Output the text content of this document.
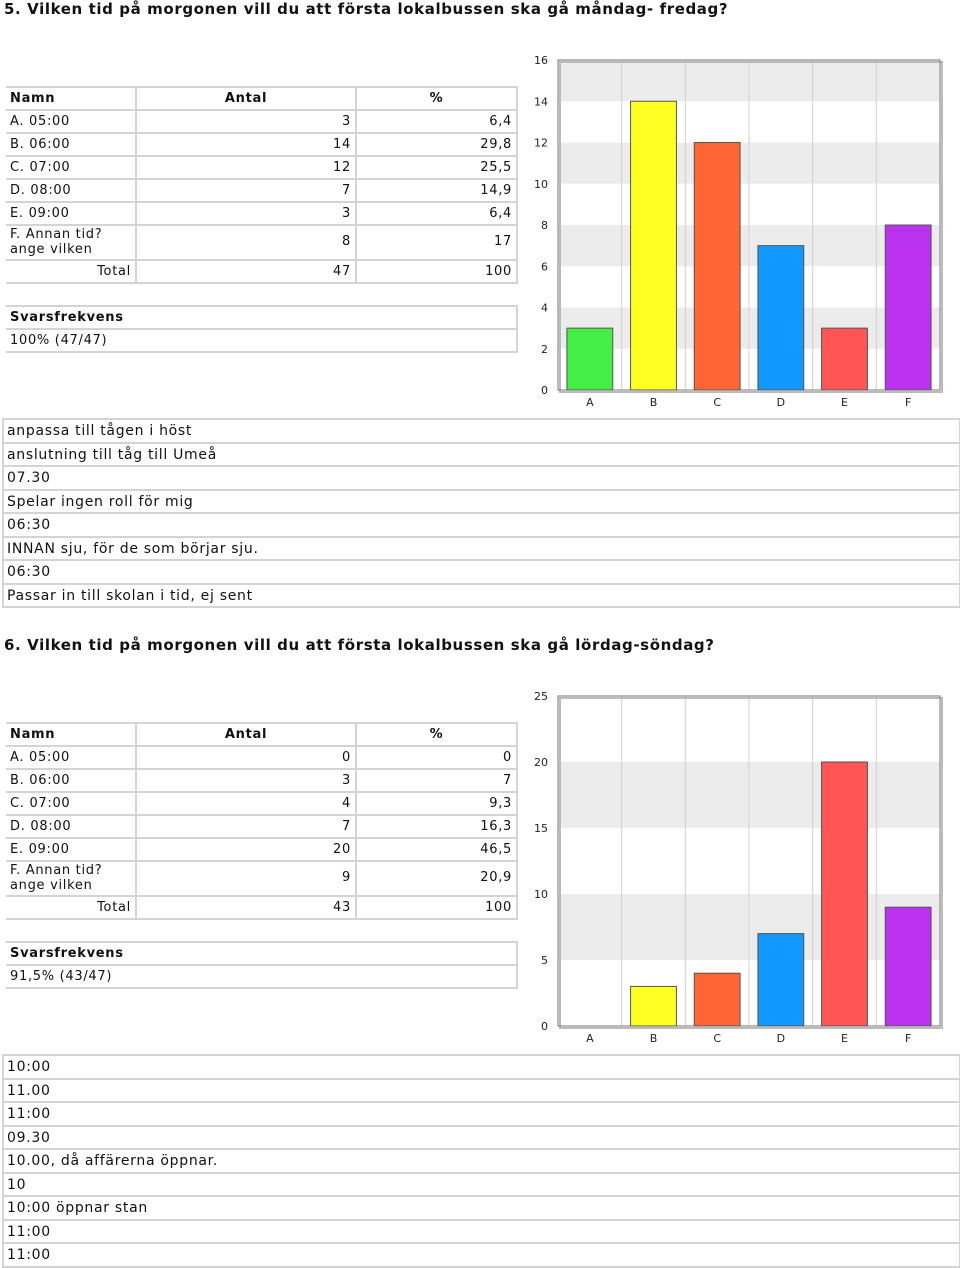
5. Vilken tid på morgonen vill du att första lokalbussen ska gå måndag- fredag?
Namn	Antal	%
A. 05:00	3	6,4
B. 06:00	14	29,8
C. 07:00	12	25,5
D. 08:00	7	14,9
E. 09:00	3	6,4
F. Annan tid?
ange vilken	8	17
Total	47	100
Svarsfrekvens
100% (47/47)
0
2
4
6
8
10
12
14
16
A	B	C	D	E	F
anpassa till tågen i höst
anslutning till tåg till Umeå
07.30
Spelar ingen roll för mig
06:30
INNAN sju, för de som börjar sju.
06:30
Passar in till skolan i tid, ej sent
6. Vilken tid på morgonen vill du att första lokalbussen ska gå lördag-söndag?
Namn	Antal	%
A. 05:00	0	0
B. 06:00	3	7
C. 07:00	4	9,3
D. 08:00	7	16,3
E. 09:00	20	46,5
F. Annan tid?
ange vilken	9	20,9
Total	43	100
Svarsfrekvens
91,5% (43/47)
0
5
10
15
20
25
A	B	C	D	E	F
10:00
11.00
11:00
09.30
10.00, då affärerna öppnar.
10
10:00 öppnar stan
11:00
11:00
